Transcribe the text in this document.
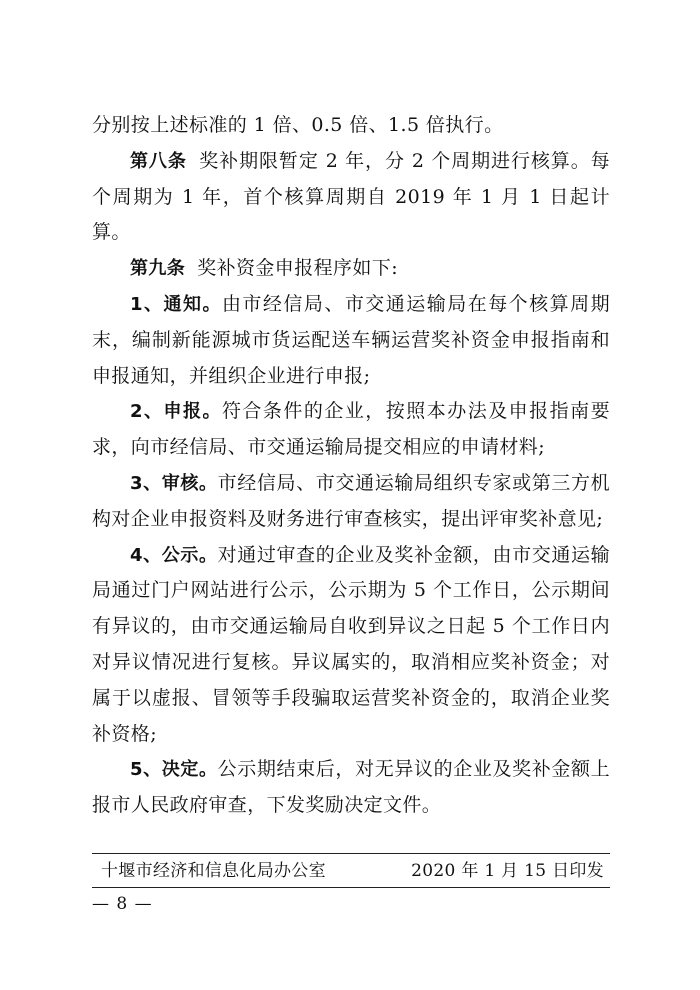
分别按上述标准的 1 倍、0.5 倍、1.5 倍执行。

第八条 奖补期限暂定 2 年，分 2 个周期进行核算。每个周期为 1 年，首个核算周期自 2019 年 1 月 1 日起计算。

第九条 奖补资金申报程序如下:

1、通知。由市经信局、市交通运输局在每个核算周期末，编制新能源城市货运配送车辆运营奖补资金申报指南和申报通知，并组织企业进行申报;

2、申报。符合条件的企业，按照本办法及申报指南要求，向市经信局、市交通运输局提交相应的申请材料;

3、审核。市经信局、市交通运输局组织专家或第三方机构对企业申报资料及财务进行审查核实，提出评审奖补意见;

4、公示。对通过审查的企业及奖补金额，由市交通运输局通过门户网站进行公示，公示期为 5 个工作日，公示期间有异议的，由市交通运输局自收到异议之日起 5 个工作日内对异议情况进行复核。异议属实的，取消相应奖补资金；对属于以虚报、冒领等手段骗取运营奖补资金的，取消企业奖补资格;

5、决定。公示期结束后，对无异议的企业及奖补金额上报市人民政府审查，下发奖励决定文件。

十堰市经济和信息化局办公室	2020 年 1 月 15 日印发
— 8 —
